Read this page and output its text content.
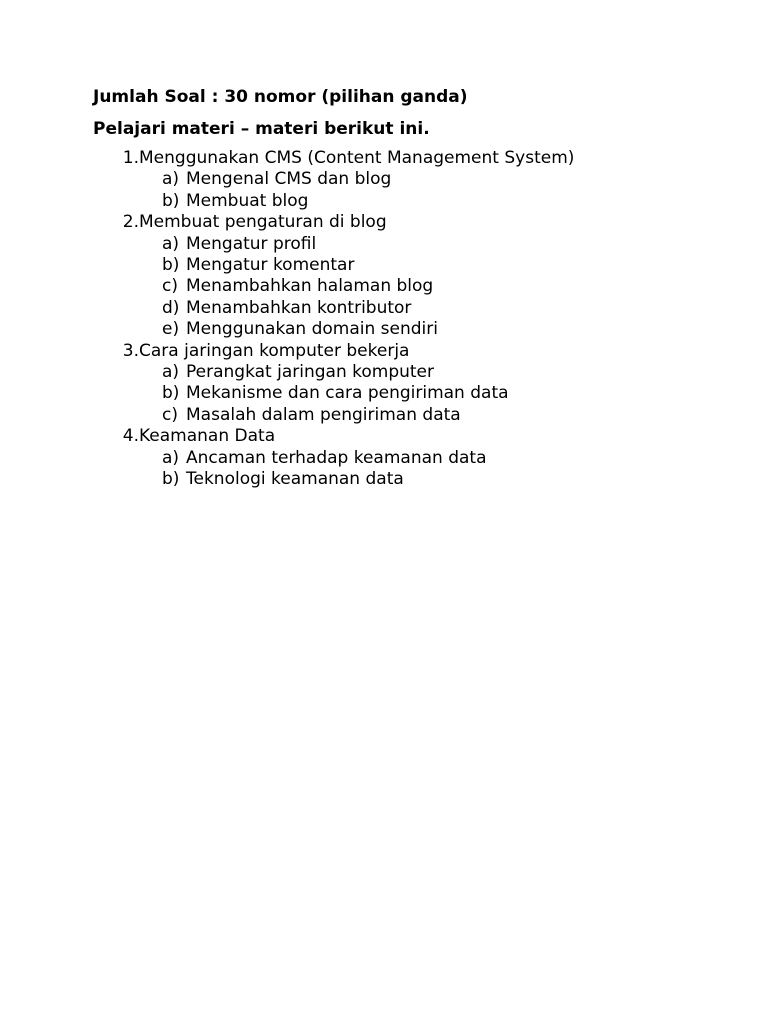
Jumlah Soal : 30 nomor (pilihan ganda)
Pelajari materi – materi berikut ini.
1. Menggunakan CMS (Content Management System)
a) Mengenal CMS dan blog
b) Membuat blog
2. Membuat pengaturan di blog
a) Mengatur profil
b) Mengatur komentar
c) Menambahkan halaman blog
d) Menambahkan kontributor
e) Menggunakan domain sendiri
3. Cara jaringan komputer bekerja
a) Perangkat jaringan komputer
b) Mekanisme dan cara pengiriman data
c) Masalah dalam pengiriman data
4. Keamanan Data
a) Ancaman terhadap keamanan data
b) Teknologi keamanan data
